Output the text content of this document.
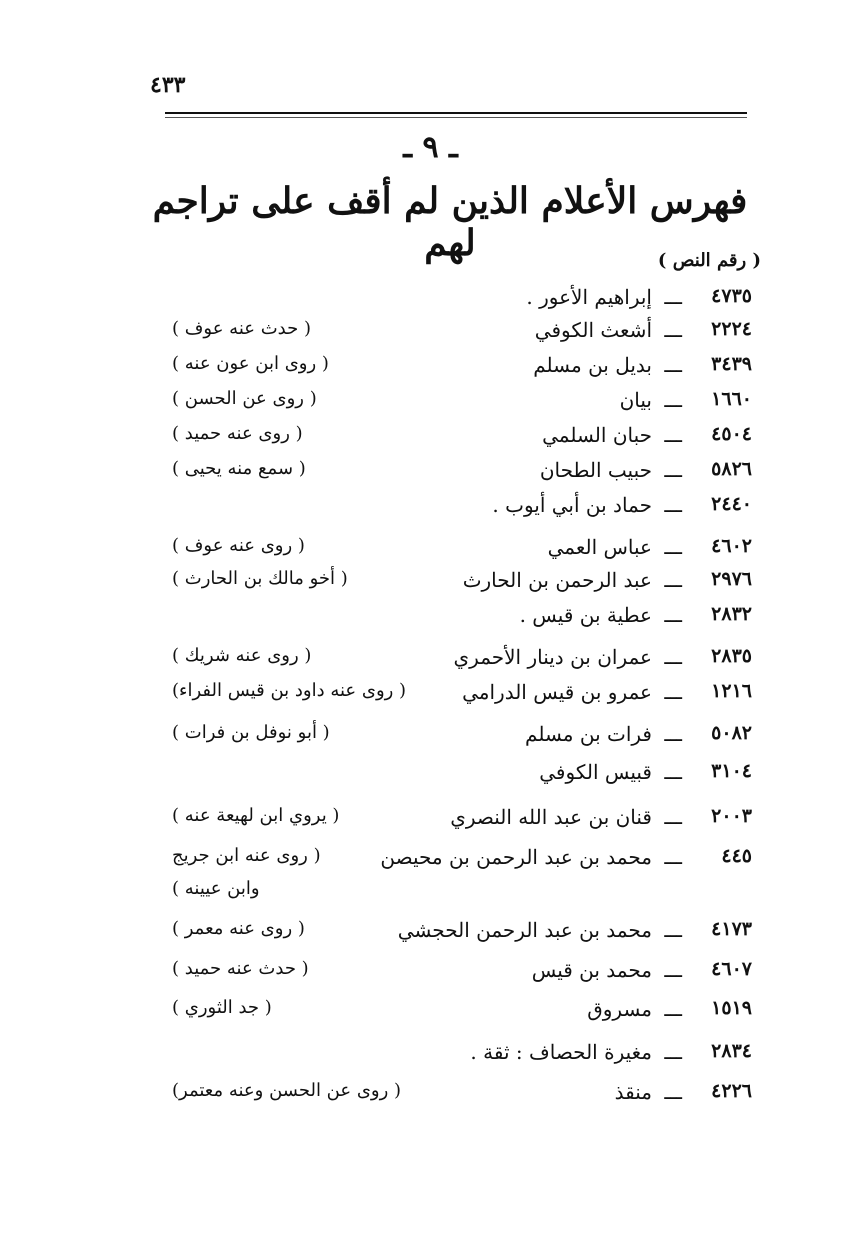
٤٣٣
ـ ٩ ـ
فهرس الأعلام الذين لم أقف على تراجم لهم	( رقم النص )
٤٧٣٥
ـــ
إبراهيم الأعور .
٢٢٢٤
ـــ
أشعث الكوفي
( حدث عنه عوف )
٣٤٣٩
ـــ
بديل بن مسلم
( روى ابن عون عنه )
١٦٦٠
ـــ
بيان
( روى عن الحسن )
٤٥٠٤
ـــ
حبان السلمي
( روى عنه حميد )
٥٨٢٦
ـــ
حبيب الطحان
( سمع منه يحيى )
٢٤٤٠
ـــ
حماد بن أبي أيوب .
٤٦٠٢
ـــ
عباس العمي
( روى عنه عوف )
٢٩٧٦
ـــ
عبد الرحمن بن الحارث
( أخو مالك بن الحارث )
٢٨٣٢
ـــ
عطية بن قيس .
٢٨٣٥
ـــ
عمران بن دينار الأحمري
( روى عنه شريك )
١٢١٦
ـــ
عمرو بن قيس الدرامي
( روى عنه داود بن قيس الفراء)
٥٠٨٢
ـــ
فرات بن مسلم
( أبو نوفل بن فرات )
٣١٠٤
ـــ
قبيس الكوفي
٢٠٠٣
ـــ
قنان بن عبد الله النصري
( يروي ابن لهيعة عنه )
٤٤٥
ـــ
محمد بن عبد الرحمن بن محيصن
( روى عنه ابن جريج
٤١٧٣
ـــ
محمد بن عبد الرحمن الحجشي
( روى عنه معمر )
٤٦٠٧
ـــ
محمد بن قيس
( حدث عنه حميد )
١٥١٩
ـــ
مسروق
( جد الثوري )
٢٨٣٤
ـــ
مغيرة الحصاف : ثقة .
٤٢٢٦
ـــ
منقذ
( روى عن الحسن وعنه معتمر)
وابن عيينه )
